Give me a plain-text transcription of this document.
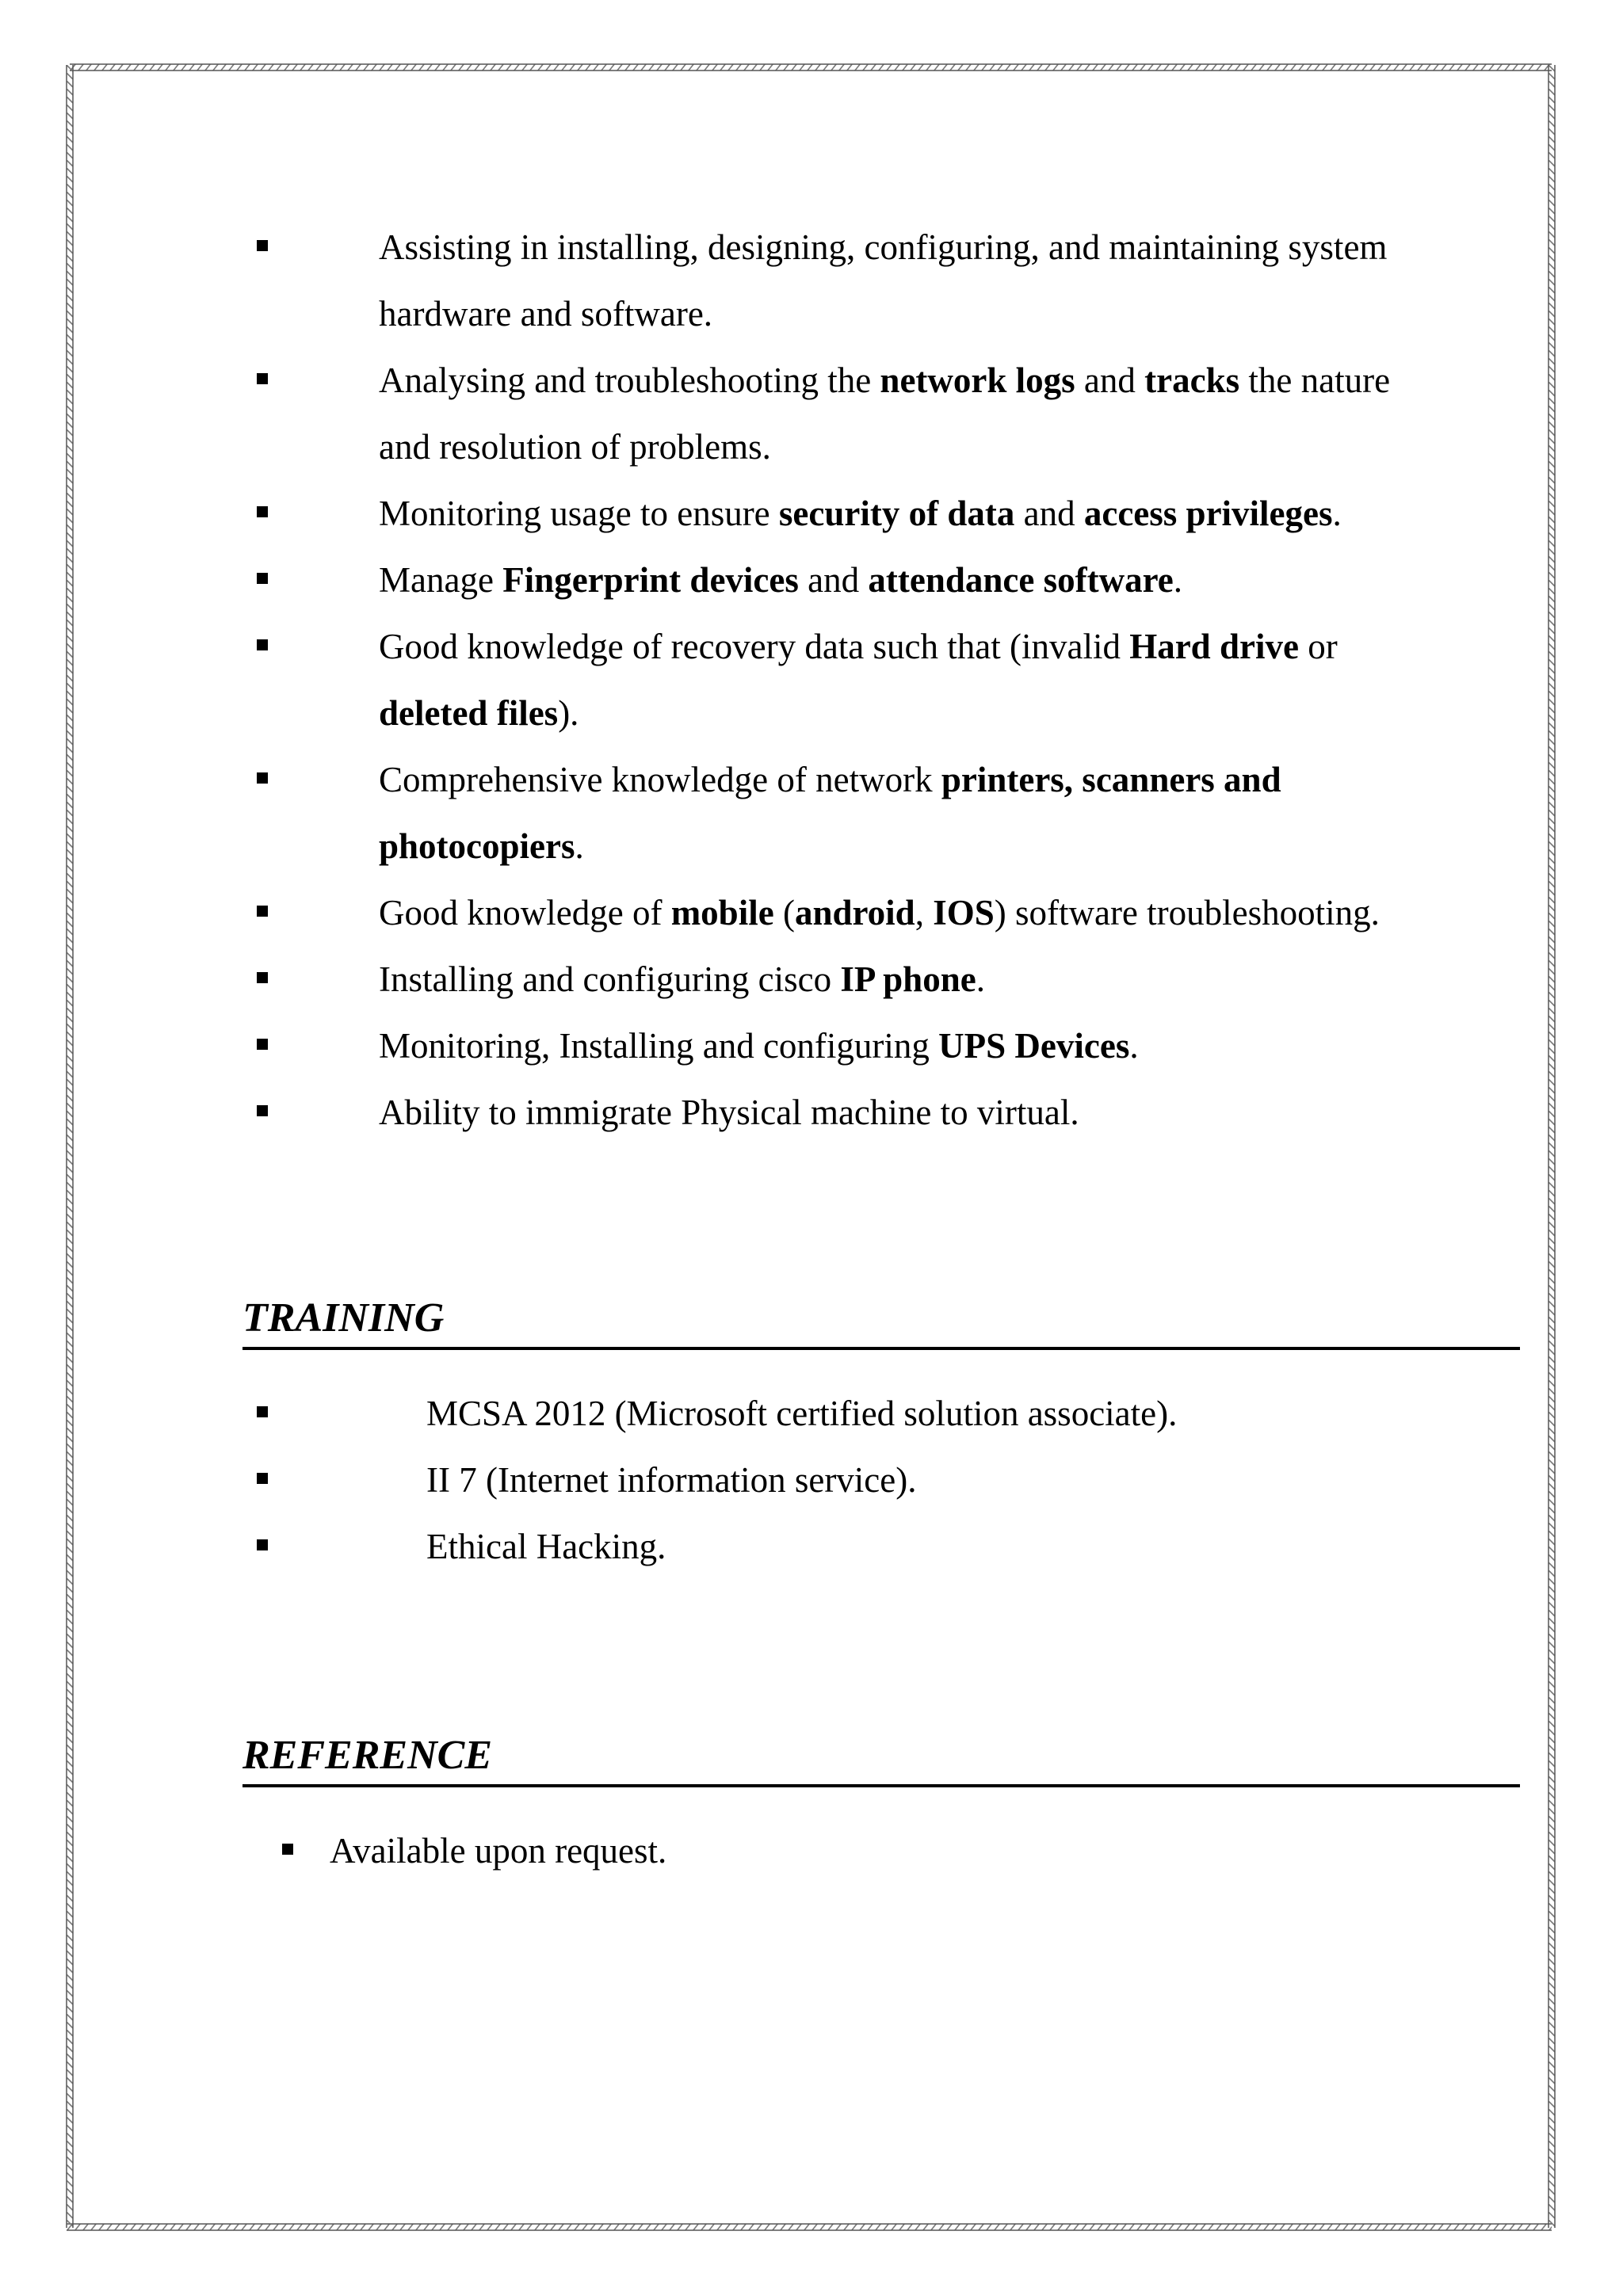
Assisting in installing, designing, configuring, and maintaining system
hardware and software.
Analysing and troubleshooting the network logs and tracks the nature
and resolution of problems.
Monitoring usage to ensure security of data and access privileges.
Manage Fingerprint devices and attendance software.
Good knowledge of recovery data such that (invalid Hard drive or
deleted files).
Comprehensive knowledge of network printers, scanners and
photocopiers.
Good knowledge of mobile (android, IOS) software troubleshooting.
Installing and configuring cisco IP phone.
Monitoring, Installing and configuring UPS Devices.
Ability to immigrate Physical machine to virtual.
TRAINING
MCSA 2012 (Microsoft certified solution associate).
II 7 (Internet information service).
Ethical Hacking.
REFERENCE
Available upon request.
